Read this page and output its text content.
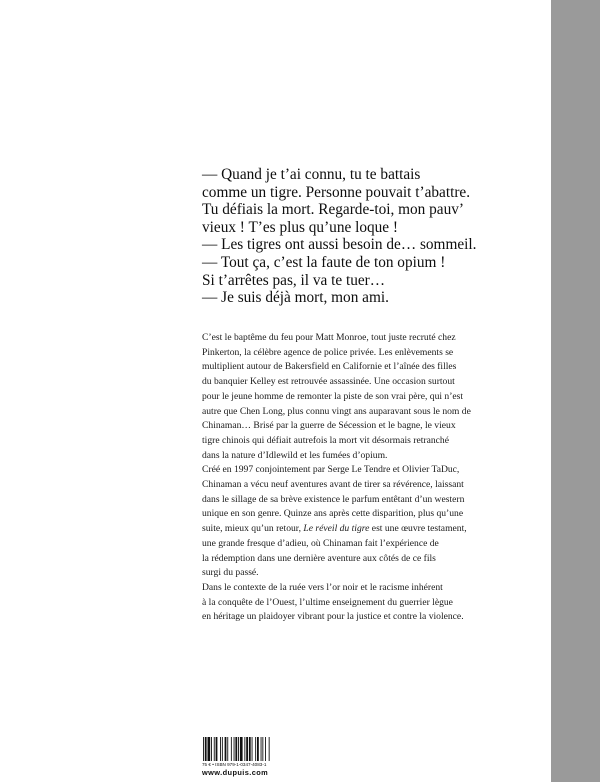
— Quand je t’ai connu, tu te battais
comme un tigre. Personne pouvait t’abattre.
Tu défiais la mort. Regarde-toi, mon pauv’
vieux ! T’es plus qu’une loque !
— Les tigres ont aussi besoin de… sommeil.
— Tout ça, c’est la faute de ton opium !
Si t’arrêtes pas, il va te tuer…
— Je suis déjà mort, mon ami.
C’est le baptême du feu pour Matt Monroe, tout juste recruté chez
Pinkerton, la célèbre agence de police privée. Les enlèvements se
multiplient autour de Bakersfield en Californie et l’aînée des filles
du banquier Kelley est retrouvée assassinée. Une occasion surtout
pour le jeune homme de remonter la piste de son vrai père, qui n’est
autre que Chen Long, plus connu vingt ans auparavant sous le nom de
Chinaman… Brisé par la guerre de Sécession et le bagne, le vieux
tigre chinois qui défiait autrefois la mort vit désormais retranché
dans la nature d’Idlewild et les fumées d’opium.
Créé en 1997 conjointement par Serge Le Tendre et Olivier TaDuc,
Chinaman a vécu neuf aventures avant de tirer sa révérence, laissant
dans le sillage de sa brève existence le parfum entêtant d’un western
unique en son genre. Quinze ans après cette disparition, plus qu’une
suite, mieux qu’un retour, Le réveil du tigre est une œuvre testament,
une grande fresque d’adieu, où Chinaman fait l’expérience de
la rédemption dans une dernière aventure aux côtés de ce fils
surgi du passé.
Dans le contexte de la ruée vers l’or noir et le racisme inhérent
à la conquête de l’Ouest, l’ultime enseignement du guerrier lègue
en héritage un plaidoyer vibrant pour la justice et contre la violence.
75 € • ISBN 979-1-0347-4083-1
www.dupuis.com
